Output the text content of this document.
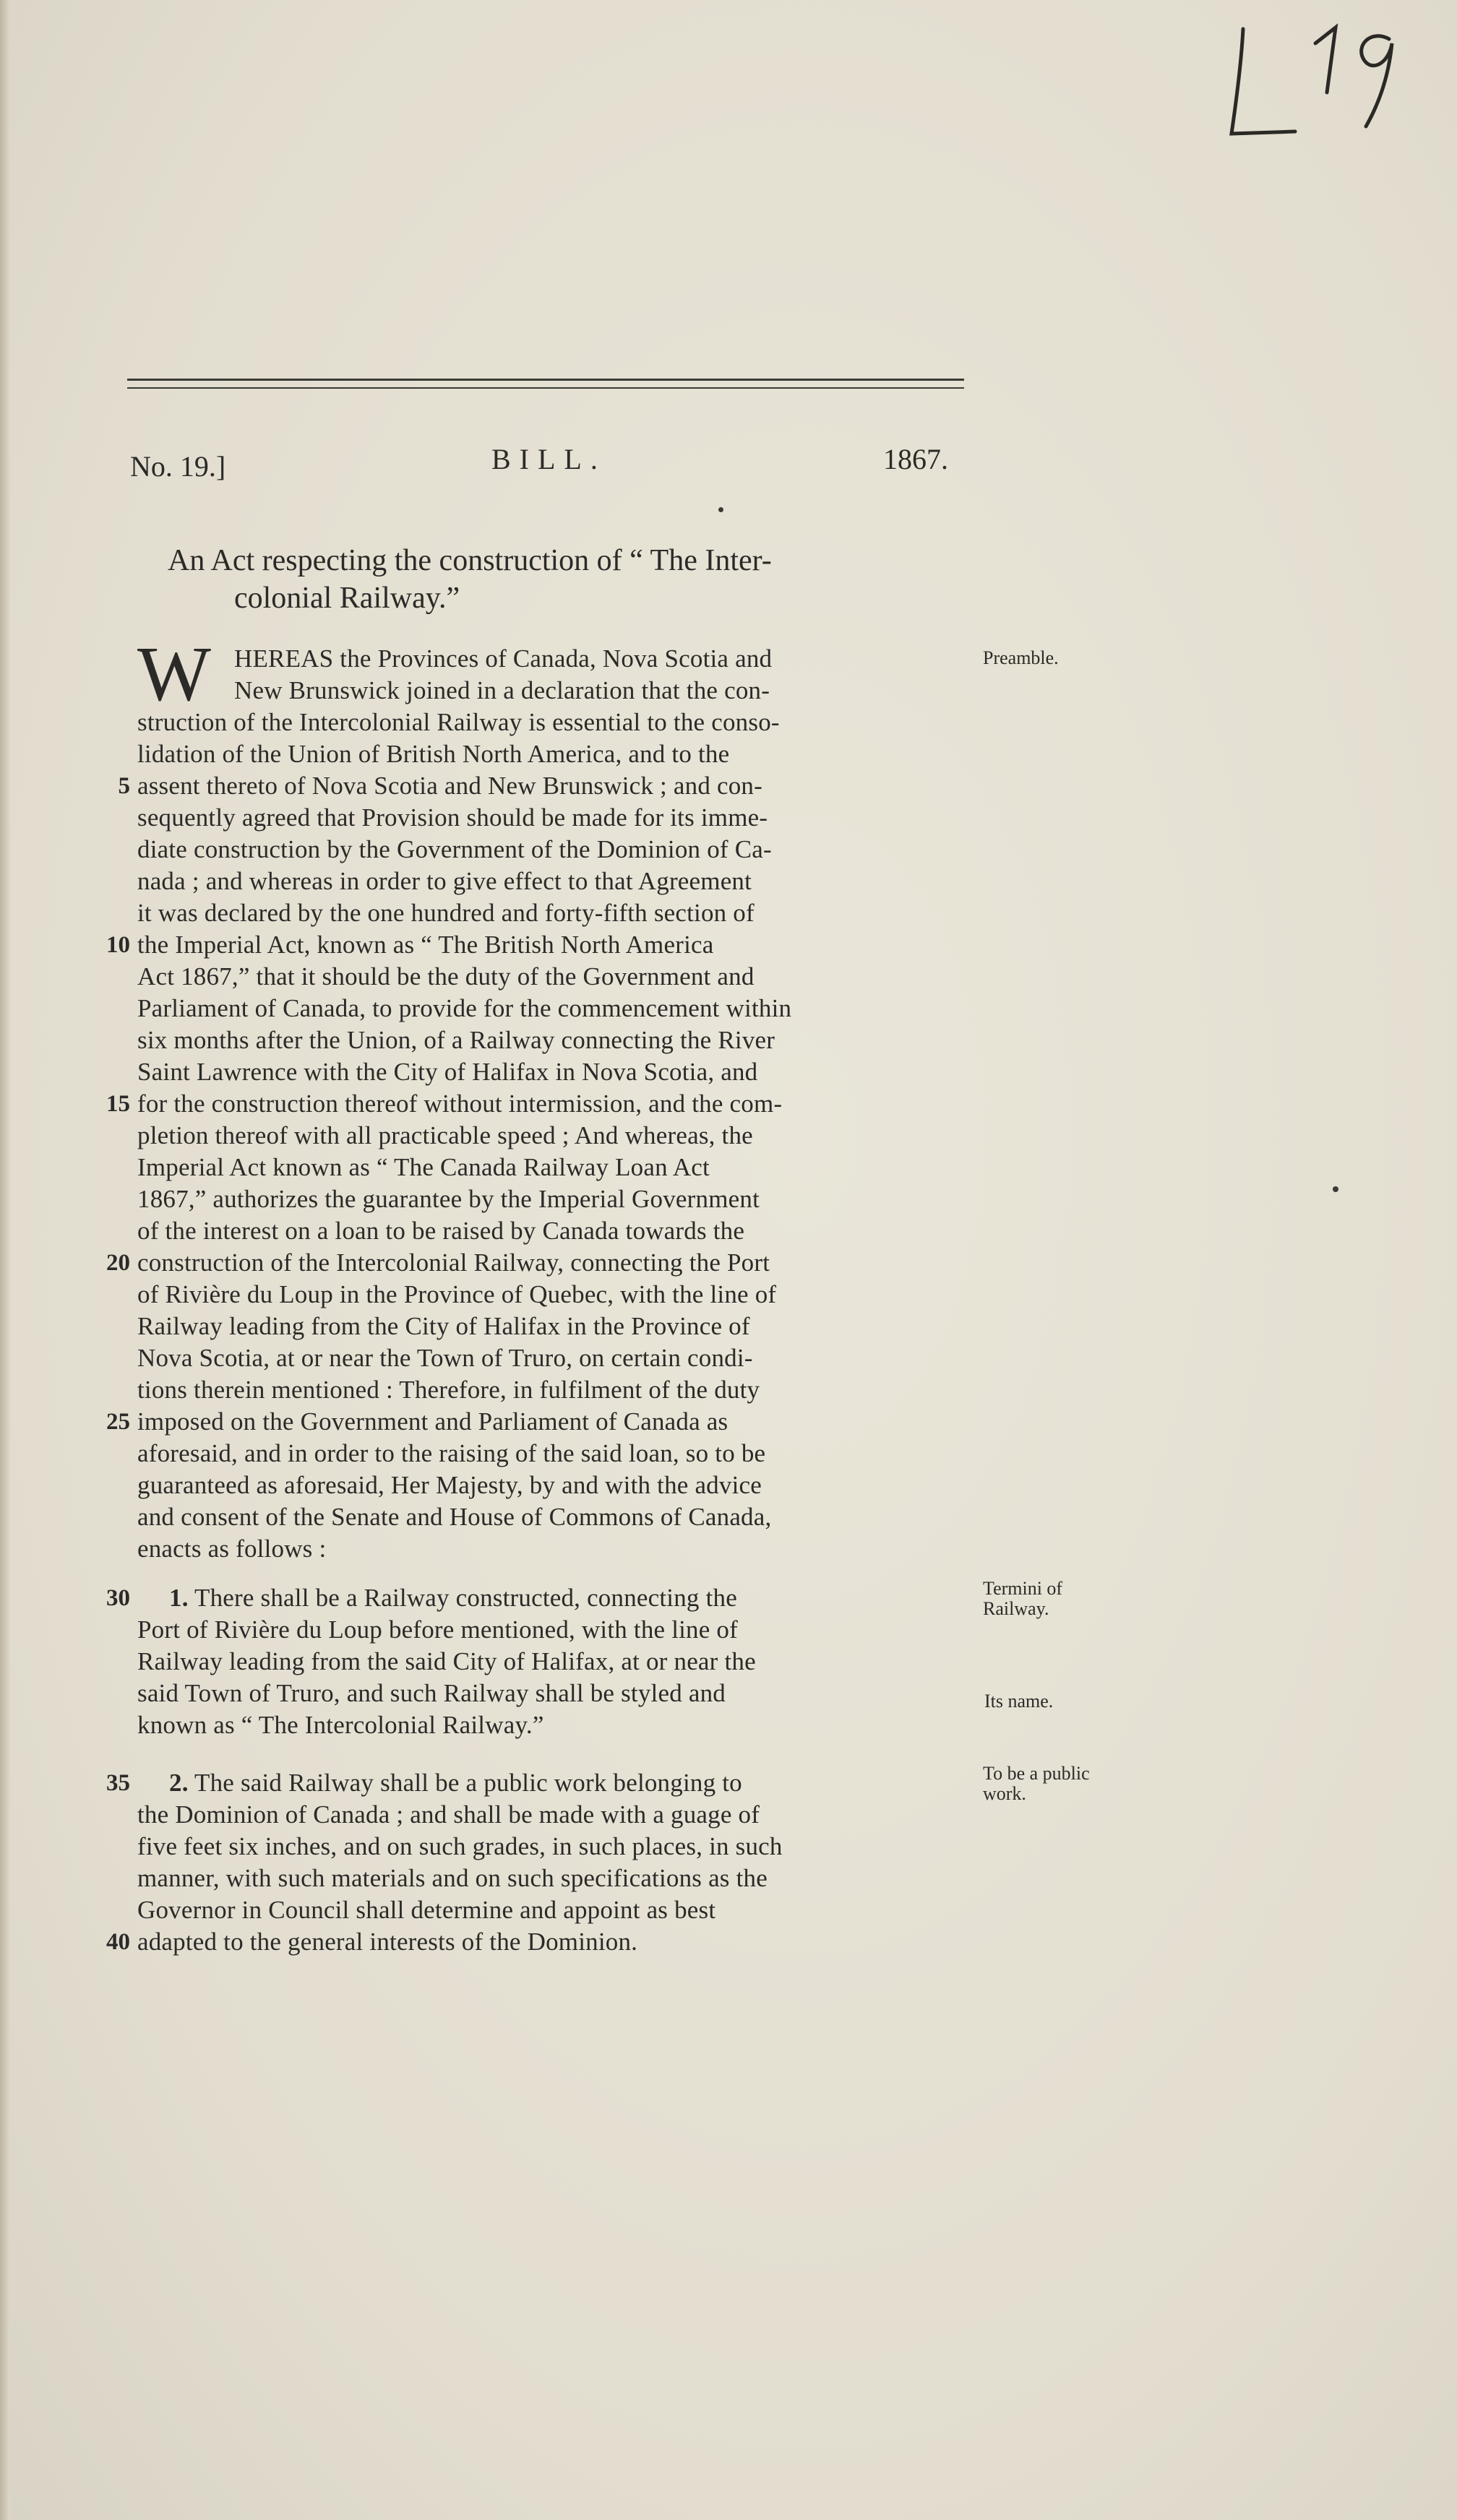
No. 19.]	BILL.	1867.
An Act respecting the construction of “ The Inter-
colonial Railway.”
W HEREAS the Provinces of Canada, Nova Scotia and
New Brunswick joined in a declaration that the con-
struction of the Intercolonial Railway is essential to the conso-
lidation of the Union of British North America, and to the
assent thereto of Nova Scotia and New Brunswick ; and con-
sequently agreed that Provision should be made for its imme-
diate construction by the Government of the Dominion of Ca-
nada ; and whereas in order to give effect to that Agreement
it was declared by the one hundred and forty-fifth section of
the Imperial Act, known as “ The British North America
Act 1867,” that it should be the duty of the Government and
Parliament of Canada, to provide for the commencement within
six months after the Union, of a Railway connecting the River
Saint Lawrence with the City of Halifax in Nova Scotia, and
for the construction thereof without intermission, and the com-
pletion thereof with all practicable speed ; And whereas, the
Imperial Act known as “ The Canada Railway Loan Act
1867,” authorizes the guarantee by the Imperial Government
of the interest on a loan to be raised by Canada towards the
construction of the Intercolonial Railway, connecting the Port
of Rivière du Loup in the Province of Quebec, with the line of
Railway leading from the City of Halifax in the Province of
Nova Scotia, at or near the Town of Truro, on certain condi-
tions therein mentioned : Therefore, in fulfilment of the duty
imposed on the Government and Parliament of Canada as
aforesaid, and in order to the raising of the said loan, so to be
guaranteed as aforesaid, Her Majesty, by and with the advice
and consent of the Senate and House of Commons of Canada,
enacts as follows :
1. There shall be a Railway constructed, connecting the
Port of Rivière du Loup before mentioned, with the line of
Railway leading from the said City of Halifax, at or near the
said Town of Truro, and such Railway shall be styled and
known as “ The Intercolonial Railway.”
2. The said Railway shall be a public work belonging to
the Dominion of Canada ; and shall be made with a guage of
five feet six inches, and on such grades, in such places, in such
manner, with such materials and on such specifications as the
Governor in Council shall determine and appoint as best
adapted to the general interests of the Dominion.
5
10
15
20
25
30
35
40
Preamble.
Termini of
Railway.
Its name.
To be a public
work.
